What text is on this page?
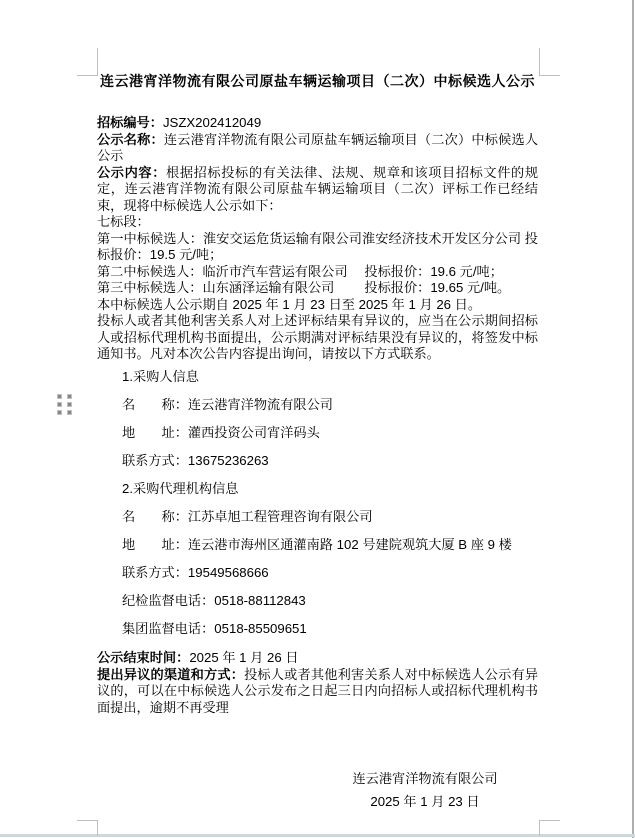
连云港宵洋物流有限公司原盐车辆运输项目（二次）中标候选人公示

招标编号：JSZX202412049

公示名称：连云港宵洋物流有限公司原盐车辆运输项目（二次）中标候选人公示

公示内容：根据招标投标的有关法律、法规、规章和该项目招标文件的规定，连云港宵洋物流有限公司原盐车辆运输项目（二次）评标工作已经结束，现将中标候选人公示如下：

七标段：

第一中标候选人：淮安交运危货运输有限公司淮安经济技术开发区分公司 投标报价：19.5 元/吨；

第二中标候选人：临沂市汽车营运有限公司　 投标报价：19.6 元/吨；

第三中标候选人：山东涵泽运输有限公司　　 投标报价：19.65 元/吨。

本中标候选人公示期自 2025 年 1 月 23 日至 2025 年 1 月 26 日。

投标人或者其他利害关系人对上述评标结果有异议的，应当在公示期间招标人或招标代理机构书面提出，公示期满对评标结果没有异议的，将签发中标通知书。凡对本次公告内容提出询问，请按以下方式联系。

1.采购人信息

名　　称：连云港宵洋物流有限公司

地　　址：灌西投资公司宵洋码头

联系方式：13675236263

2.采购代理机构信息

名　　称：江苏卓旭工程管理咨询有限公司

地　　址：连云港市海州区通灌南路 102 号建院观筑大厦 B 座 9 楼

联系方式：19549568666

纪检监督电话：0518-88112843

集团监督电话：0518-85509651

公示结束时间：2025 年 1 月 26 日

提出异议的渠道和方式：投标人或者其他利害关系人对中标候选人公示有异议的，可以在中标候选人公示发布之日起三日内向招标人或招标代理机构书面提出，逾期不再受理

连云港宵洋物流有限公司
2025 年 1 月 23 日
